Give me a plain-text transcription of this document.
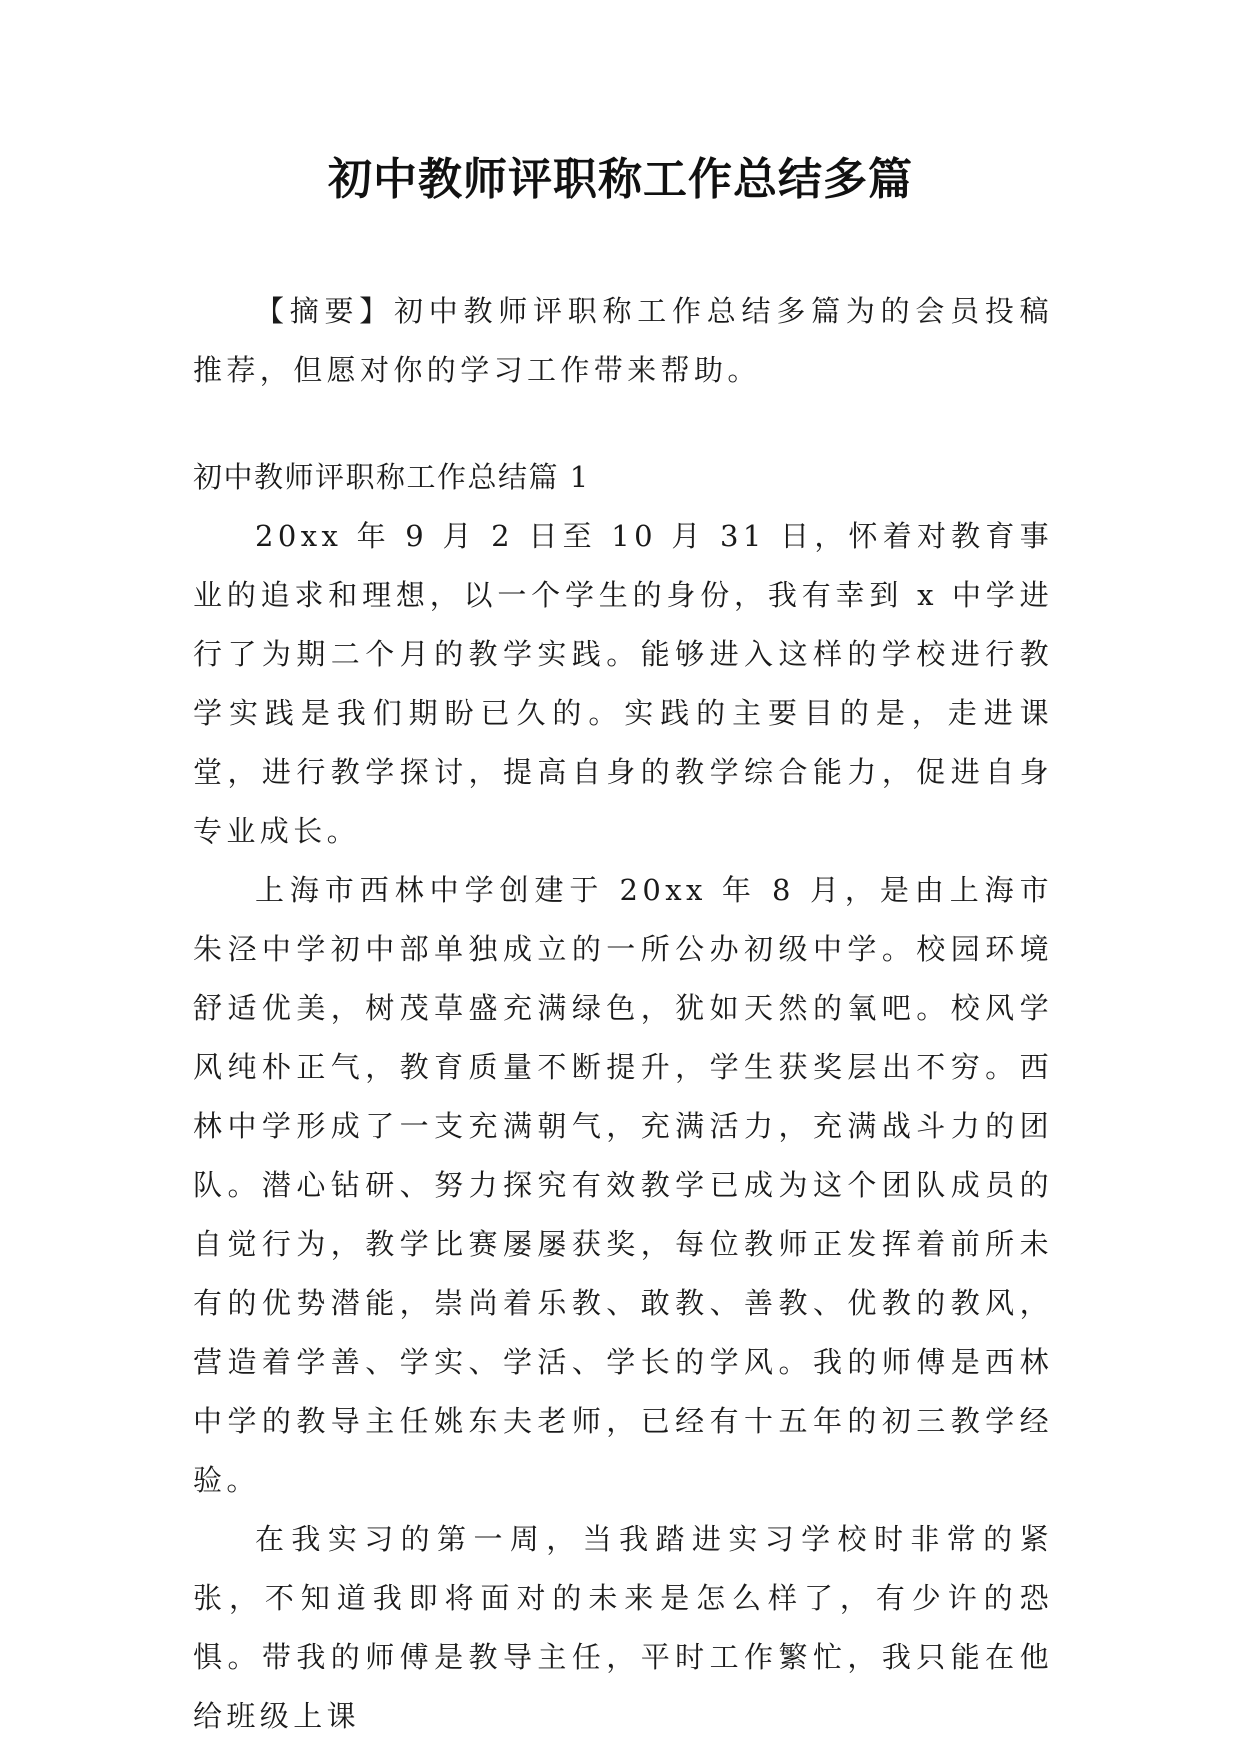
初中教师评职称工作总结多篇

【摘要】初中教师评职称工作总结多篇为的会员投稿推荐，但愿对你的学习工作带来帮助。

初中教师评职称工作总结篇 1

20xx 年 9 月 2 日至 10 月 31 日，怀着对教育事业的追求和理想，以一个学生的身份，我有幸到 x 中学进行了为期二个月的教学实践。能够进入这样的学校进行教学实践是我们期盼已久的。实践的主要目的是，走进课堂，进行教学探讨，提高自身的教学综合能力，促进自身专业成长。

上海市西林中学创建于 20xx 年 8 月，是由上海市朱泾中学初中部单独成立的一所公办初级中学。校园环境舒适优美，树茂草盛充满绿色，犹如天然的氧吧。校风学风纯朴正气，教育质量不断提升，学生获奖层出不穷。西林中学形成了一支充满朝气，充满活力，充满战斗力的团队。潜心钻研、努力探究有效教学已成为这个团队成员的自觉行为，教学比赛屡屡获奖，每位教师正发挥着前所未有的优势潜能，崇尚着乐教、敢教、善教、优教的教风，营造着学善、学实、学活、学长的学风。我的师傅是西林中学的教导主任姚东夫老师，已经有十五年的初三教学经验。

在我实习的第一周，当我踏进实习学校时非常的紧张，不知道我即将面对的未来是怎么样了，有少许的恐惧。带我的师傅是教导主任，平时工作繁忙，我只能在他给班级上课
